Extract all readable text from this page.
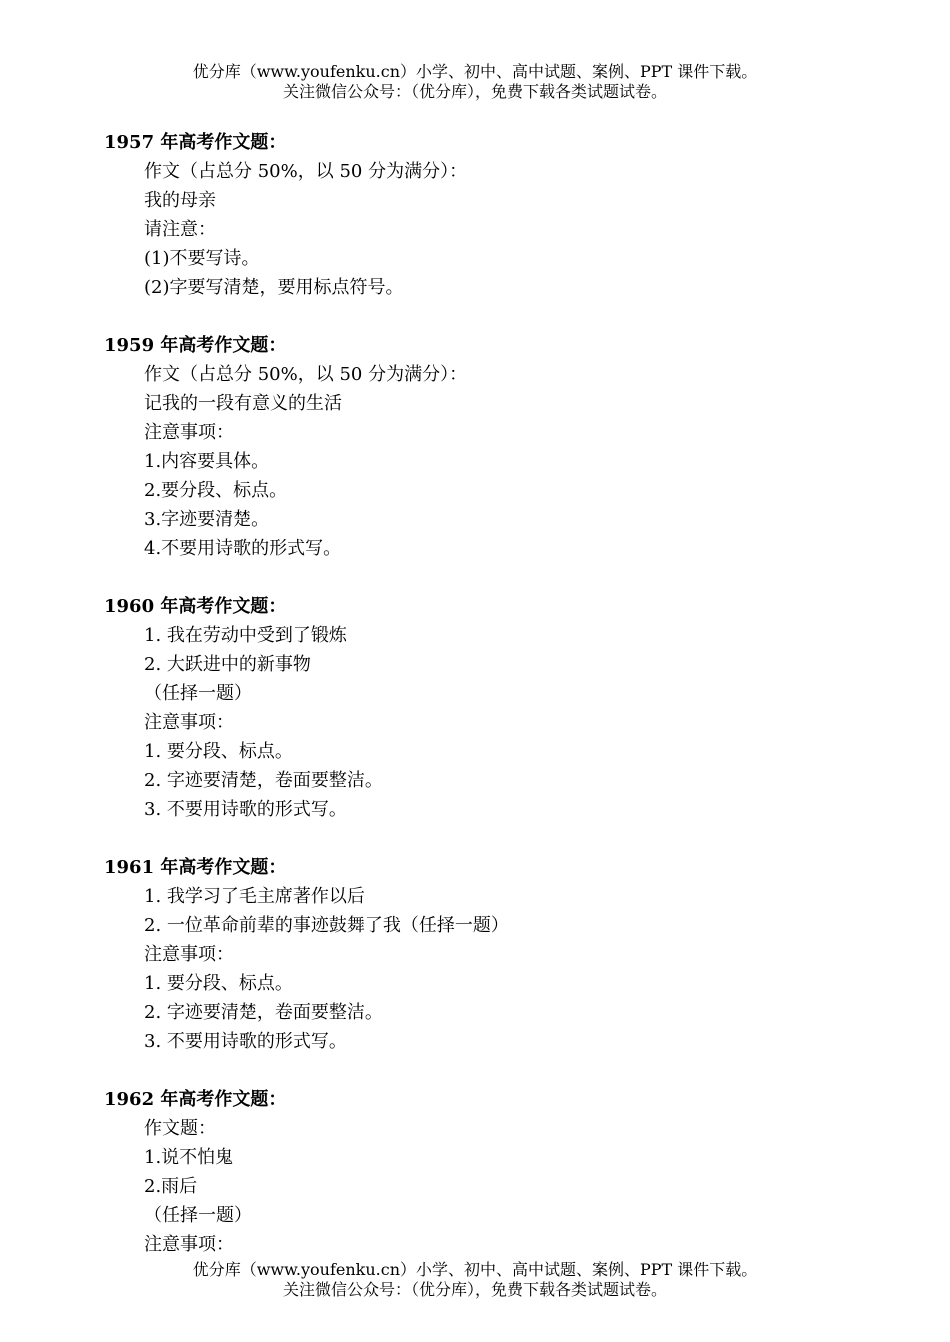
优分库（www.youfenku.cn）小学、初中、高中试题、案例、PPT 课件下载。
关注微信公众号：（优分库），免费下载各类试题试卷。
1957 年高考作文题：
作文（占总分 50%，以 50 分为满分）：
我的母亲
请注意：
(1)不要写诗。
(2)字要写清楚，要用标点符号。
1959 年高考作文题：
作文（占总分 50%，以 50 分为满分）：
记我的一段有意义的生活
注意事项：
1.内容要具体。
2.要分段、标点。
3.字迹要清楚。
4.不要用诗歌的形式写。
1960 年高考作文题：
1. 我在劳动中受到了锻炼
2. 大跃进中的新事物
（任择一题）
注意事项：
1. 要分段、标点。
2. 字迹要清楚，卷面要整洁。
3. 不要用诗歌的形式写。
1961 年高考作文题：
1. 我学习了毛主席著作以后
2. 一位革命前辈的事迹鼓舞了我（任择一题）
注意事项：
1. 要分段、标点。
2. 字迹要清楚，卷面要整洁。
3. 不要用诗歌的形式写。
1962 年高考作文题：
作文题：
1.说不怕鬼
2.雨后
（任择一题）
注意事项：
优分库（www.youfenku.cn）小学、初中、高中试题、案例、PPT 课件下载。
关注微信公众号：（优分库），免费下载各类试题试卷。
